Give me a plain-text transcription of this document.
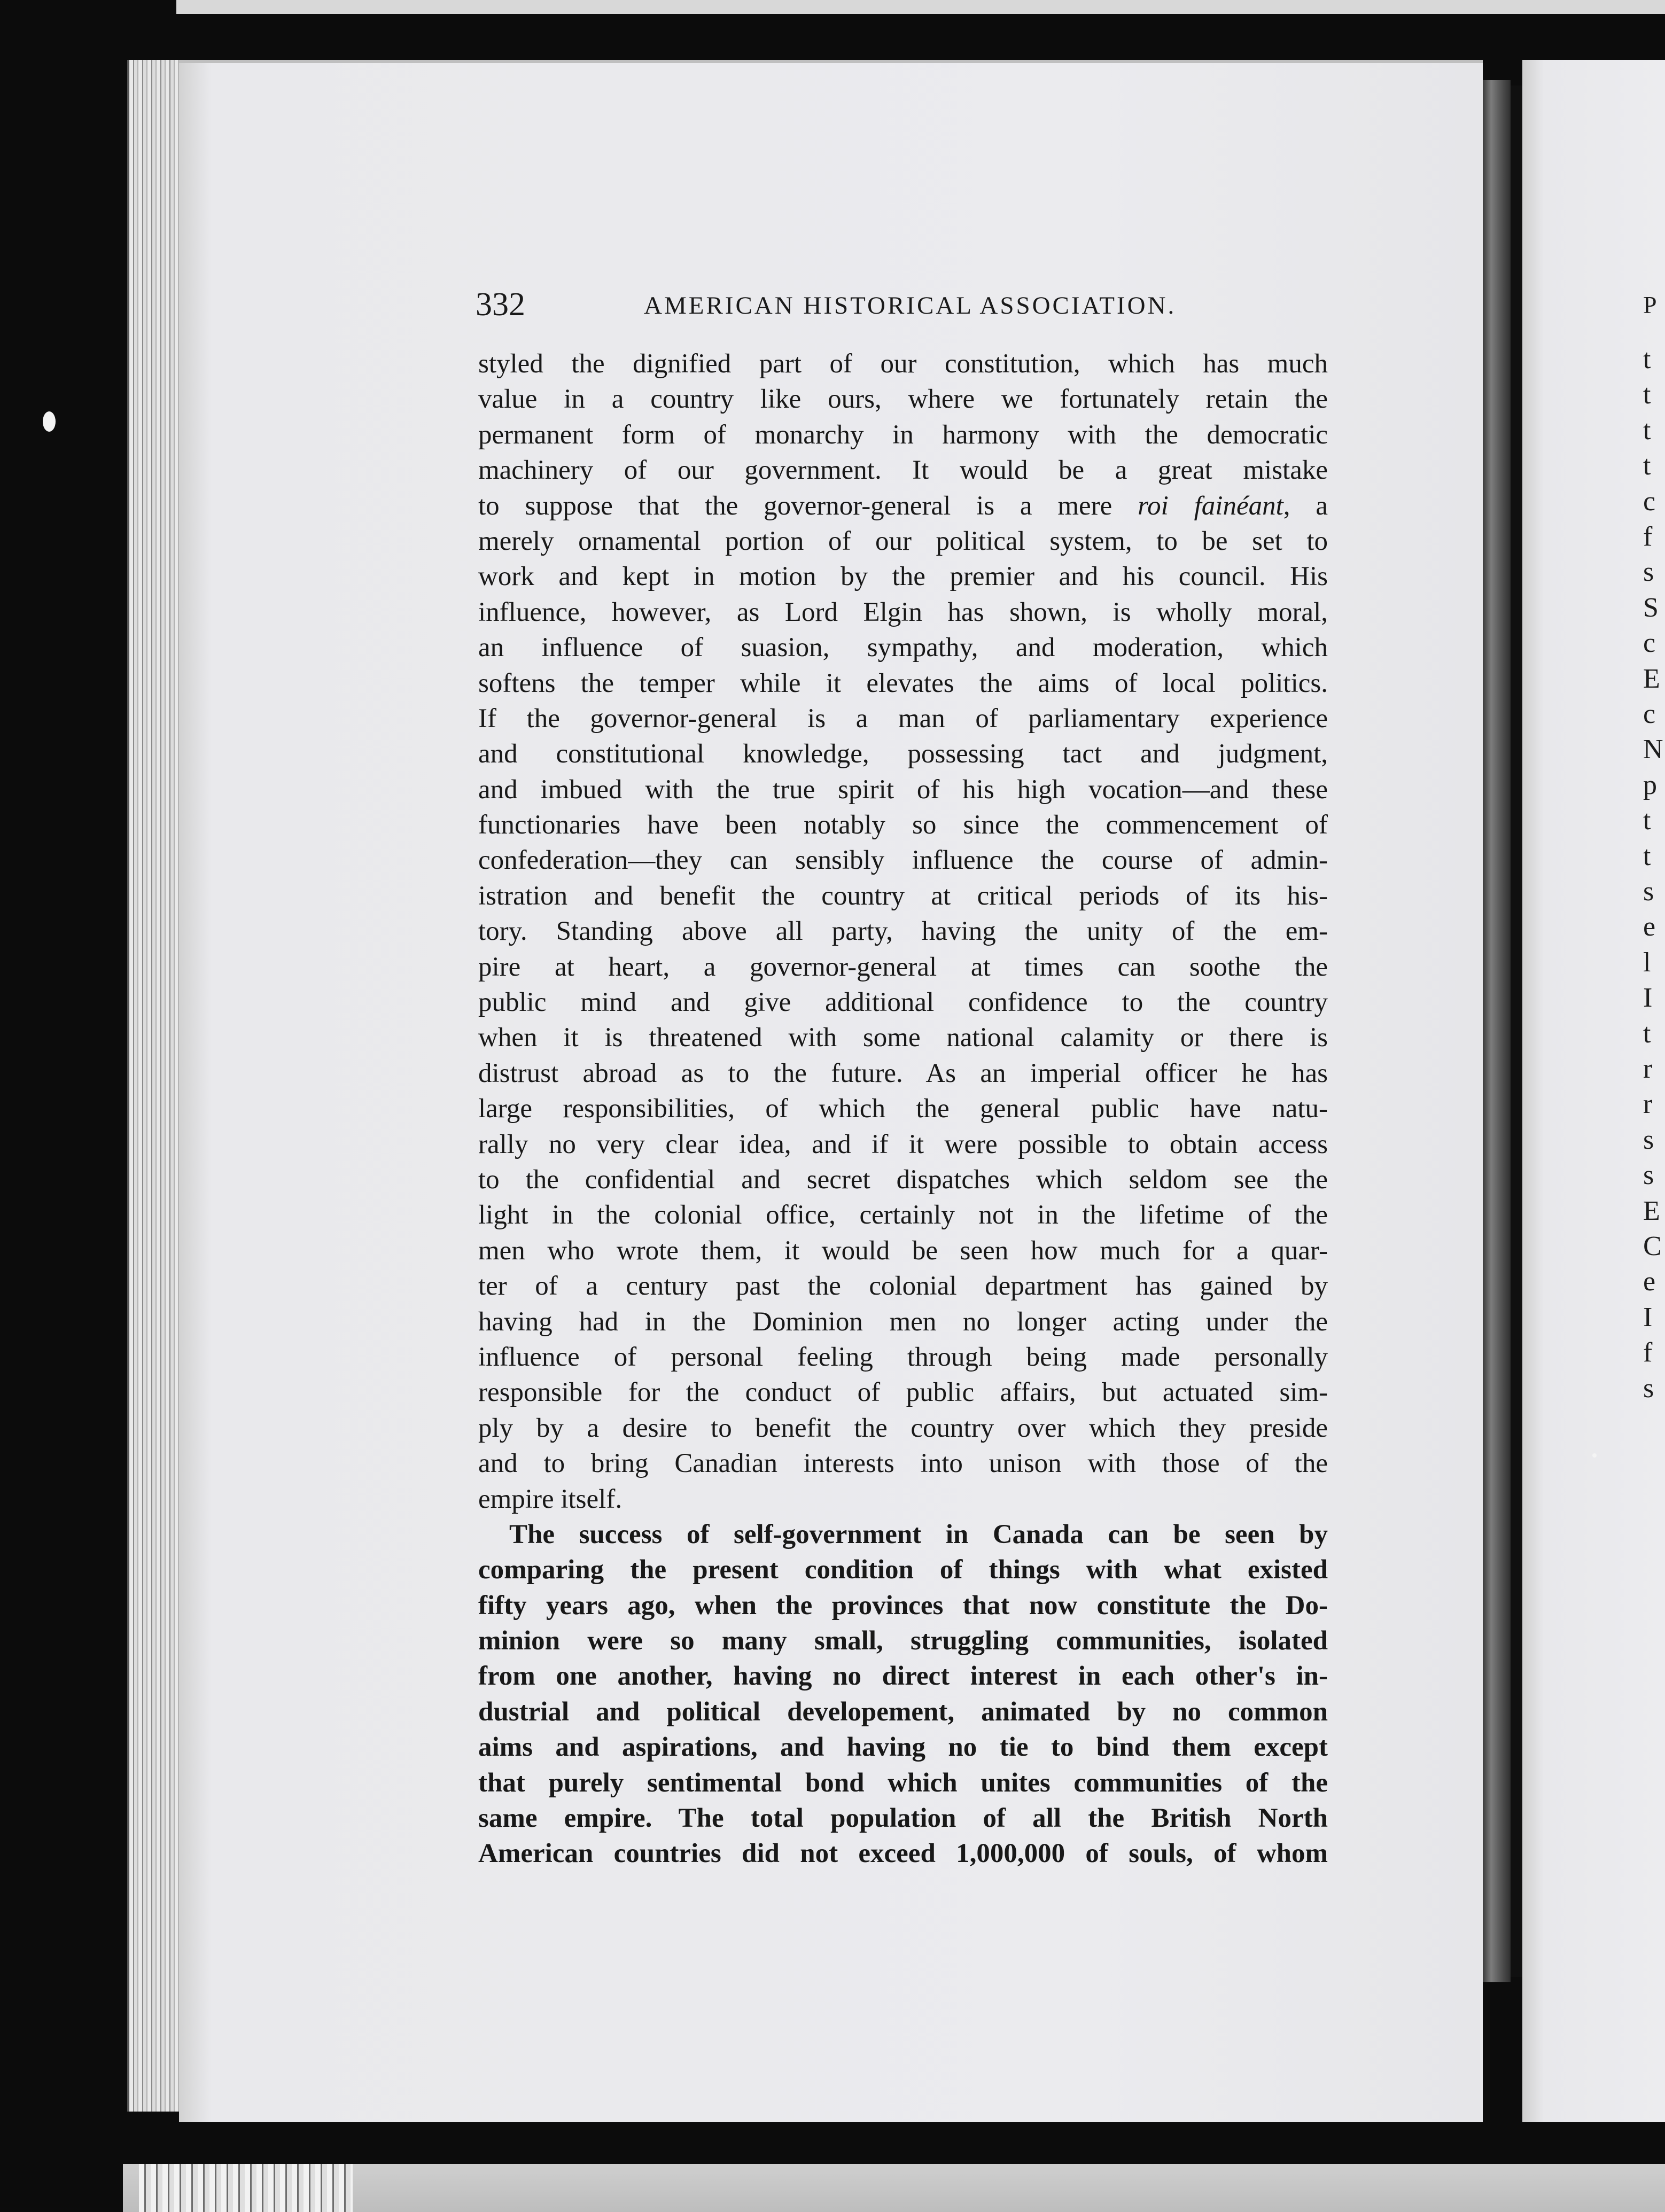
P
t
t
t
t
c
f
s
S
c
E
c
N
p
t
t
s
e
l
I
t
r
r
s
s
E
C
e
I
f
s
332	AMERICAN HISTORICAL ASSOCIATION.
styled the dignified part of our constitution, which has much
value in a country like ours, where we fortunately retain the
permanent form of monarchy in harmony with the democratic
machinery of our government. It would be a great mistake
to suppose that the governor-general is a mere roi fainéant, a
merely ornamental portion of our political system, to be set to
work and kept in motion by the premier and his council. His
influence, however, as Lord Elgin has shown, is wholly moral,
an influence of suasion, sympathy, and moderation, which
softens the temper while it elevates the aims of local politics.
If the governor-general is a man of parliamentary experience
and constitutional knowledge, possessing tact and judgment,
and imbued with the true spirit of his high vocation—and these
functionaries have been notably so since the commencement of
confederation—they can sensibly influence the course of admin-
istration and benefit the country at critical periods of its his-
tory. Standing above all party, having the unity of the em-
pire at heart, a governor-general at times can soothe the
public mind and give additional confidence to the country
when it is threatened with some national calamity or there is
distrust abroad as to the future. As an imperial officer he has
large responsibilities, of which the general public have natu-
rally no very clear idea, and if it were possible to obtain access
to the confidential and secret dispatches which seldom see the
light in the colonial office, certainly not in the lifetime of the
men who wrote them, it would be seen how much for a quar-
ter of a century past the colonial department has gained by
having had in the Dominion men no longer acting under the
influence of personal feeling through being made personally
responsible for the conduct of public affairs, but actuated sim-
ply by a desire to benefit the country over which they preside
and to bring Canadian interests into unison with those of the
empire itself.
The success of self-government in Canada can be seen by
comparing the present condition of things with what existed
fifty years ago, when the provinces that now constitute the Do-
minion were so many small, struggling communities, isolated
from one another, having no direct interest in each other's in-
dustrial and political developement, animated by no common
aims and aspirations, and having no tie to bind them except
that purely sentimental bond which unites communities of the
same empire. The total population of all the British North
American countries did not exceed 1,000,000 of souls, of whom
